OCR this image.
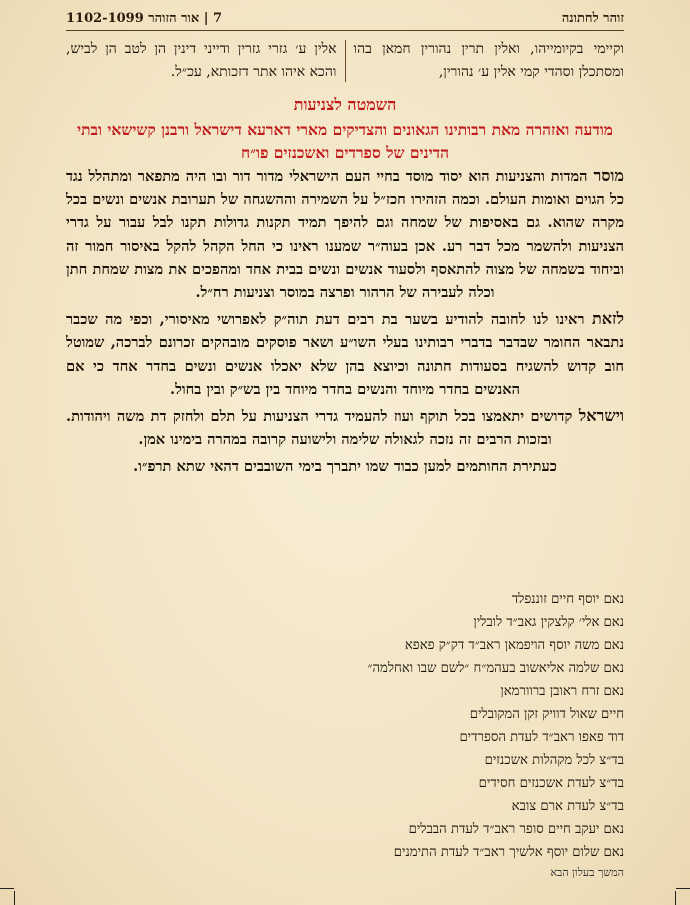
זוהר לחתונה
7 | אור הזוהר 1102-1099

וקיימי בקיומייהו, ואלין תרין נהורין חמאן בהו ומסתכלן וסהדי קמי אלין ע׳ נהורין,

אלין ע׳ גזרי גזרין ודייני דינין הן לטב הן לביש, והכא איהו אתר דזכותא, עכ״ל.

השמטה לצניעות
מודעה ואזהרה מאת רבותינו הגאונים והצדיקים מארי דארעא דישראל ורבנן קשישאי ובתי הדינים של ספרדים ואשכנזים פו״ח

מוסר המדות והצניעות הוא יסוד מוסד בחיי העם הישראלי מדור דור ובו היה מתפאר ומתהלל נגד כל הגוים ואומות העולם. וכמה הזהירו חכז״ל על השמירה וההשגחה של תערובת אנשים ונשים בכל מקרה שהוא. גם באסיפות של שמחה וגם להיפך תמיד תקנות גדולות תקנו לבל עבור על גדרי הצניעות ולהשמר מכל דבר רע. אכן בעוה״ר שמענו ראינו כי החל הקהל להקל באיסור חמור זה וביחוד בשמחה של מצוה להתאסף ולסעוד אנשים ונשים בבית אחד ומהפכים את מצות שמחת חתן וכלה לעבירה של הרהור ופרצה במוסר וצניעות רח״ל.

לזאת ראינו לנו לחובה להודיע בשער בת רבים דעת תוה״ק לאפרושי מאיסורי, וכפי מה שכבר נתבאר החומר שבדבר בדברי רבותינו בעלי השו״ע ושאר פוסקים מובהקים זכרונם לברכה, שמוטל חוב קדוש להשגיח בסעודות חתונה וכיוצא בהן שלא יאכלו אנשים ונשים בחדר אחד כי אם האנשים בחדר מיוחד והנשים בחדר מיוחד בין בש״ק ובין בחול.

וישראל קדושים יתאמצו בכל תוקף ועוז להעמיד גדרי הצניעות על תלם ולחזק דת משה ויהודות. ובזכות הרבים זה נזכה לגאולה שלימה ולישועה קרובה במהרה בימינו אמן.

כעתירת החותמים למען כבוד שמו יתברך בימי השובבים דהאי שתא תרפ״ו.

נאם יוסף חיים זוננפלד
נאם אלי׳ קלצקין גאב״ד לובלין
נאם משה יוסף הויפמאן ראב״ד דק״ק פאפא
נאם שלמה אליאשוב בעהמ״ח ״לשם שבו ואחלמה״
נאם זרח ראובן ברוורמאן
חיים שאול דוויק זקן המקובלים
דוד פאפו ראב״ד לעדת הספרדים
בד״צ לכל מקהלות אשכנזים
בד״צ לעדת אשכנזים חסידים
בד״צ לעדת ארם צובא
נאם יעקב חיים סופר ראב״ד לעדת הבבלים
נאם שלום יוסף אלשיך ראב״ד לעדת התימנים
המשך בעלון הבא
